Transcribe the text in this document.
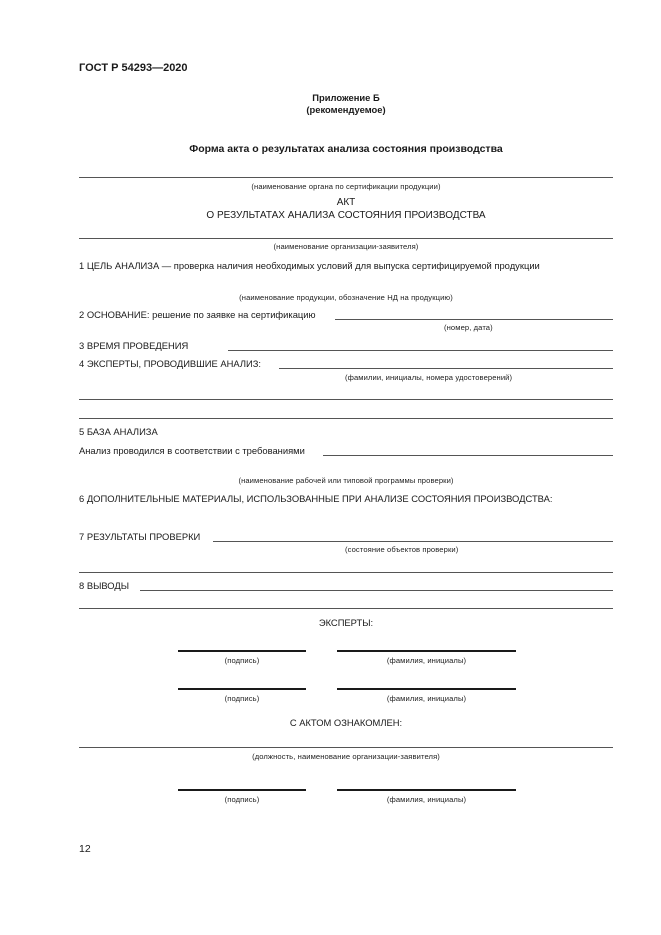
ГОСТ Р 54293—2020
Приложение Б
(рекомендуемое)
Форма акта о результатах анализа состояния производства
(наименование органа по сертификации продукции)
АКТ
О РЕЗУЛЬТАТАХ АНАЛИЗА СОСТОЯНИЯ ПРОИЗВОДСТВА
(наименование организации-заявителя)
1 ЦЕЛЬ АНАЛИЗА — проверка наличия необходимых условий для выпуска сертифицируемой продукции
(наименование продукции, обозначение НД на продукцию)
2 ОСНОВАНИЕ: решение по заявке на сертификацию
(номер, дата)
3 ВРЕМЯ ПРОВЕДЕНИЯ
4 ЭКСПЕРТЫ, ПРОВОДИВШИЕ АНАЛИЗ:
(фамилии, инициалы, номера удостоверений)
5 БАЗА АНАЛИЗА
Анализ проводился в соответствии с требованиями
(наименование рабочей или типовой программы проверки)
6 ДОПОЛНИТЕЛЬНЫЕ МАТЕРИАЛЫ, ИСПОЛЬЗОВАННЫЕ ПРИ АНАЛИЗЕ СОСТОЯНИЯ ПРОИЗВОДСТВА:
7 РЕЗУЛЬТАТЫ ПРОВЕРКИ
(состояние объектов проверки)
8 ВЫВОДЫ
ЭКСПЕРТЫ:
(подпись)	(фамилия, инициалы)
(подпись)	(фамилия, инициалы)
С АКТОМ ОЗНАКОМЛЕН:
(должность, наименование организации-заявителя)
(подпись)	(фамилия, инициалы)
12
